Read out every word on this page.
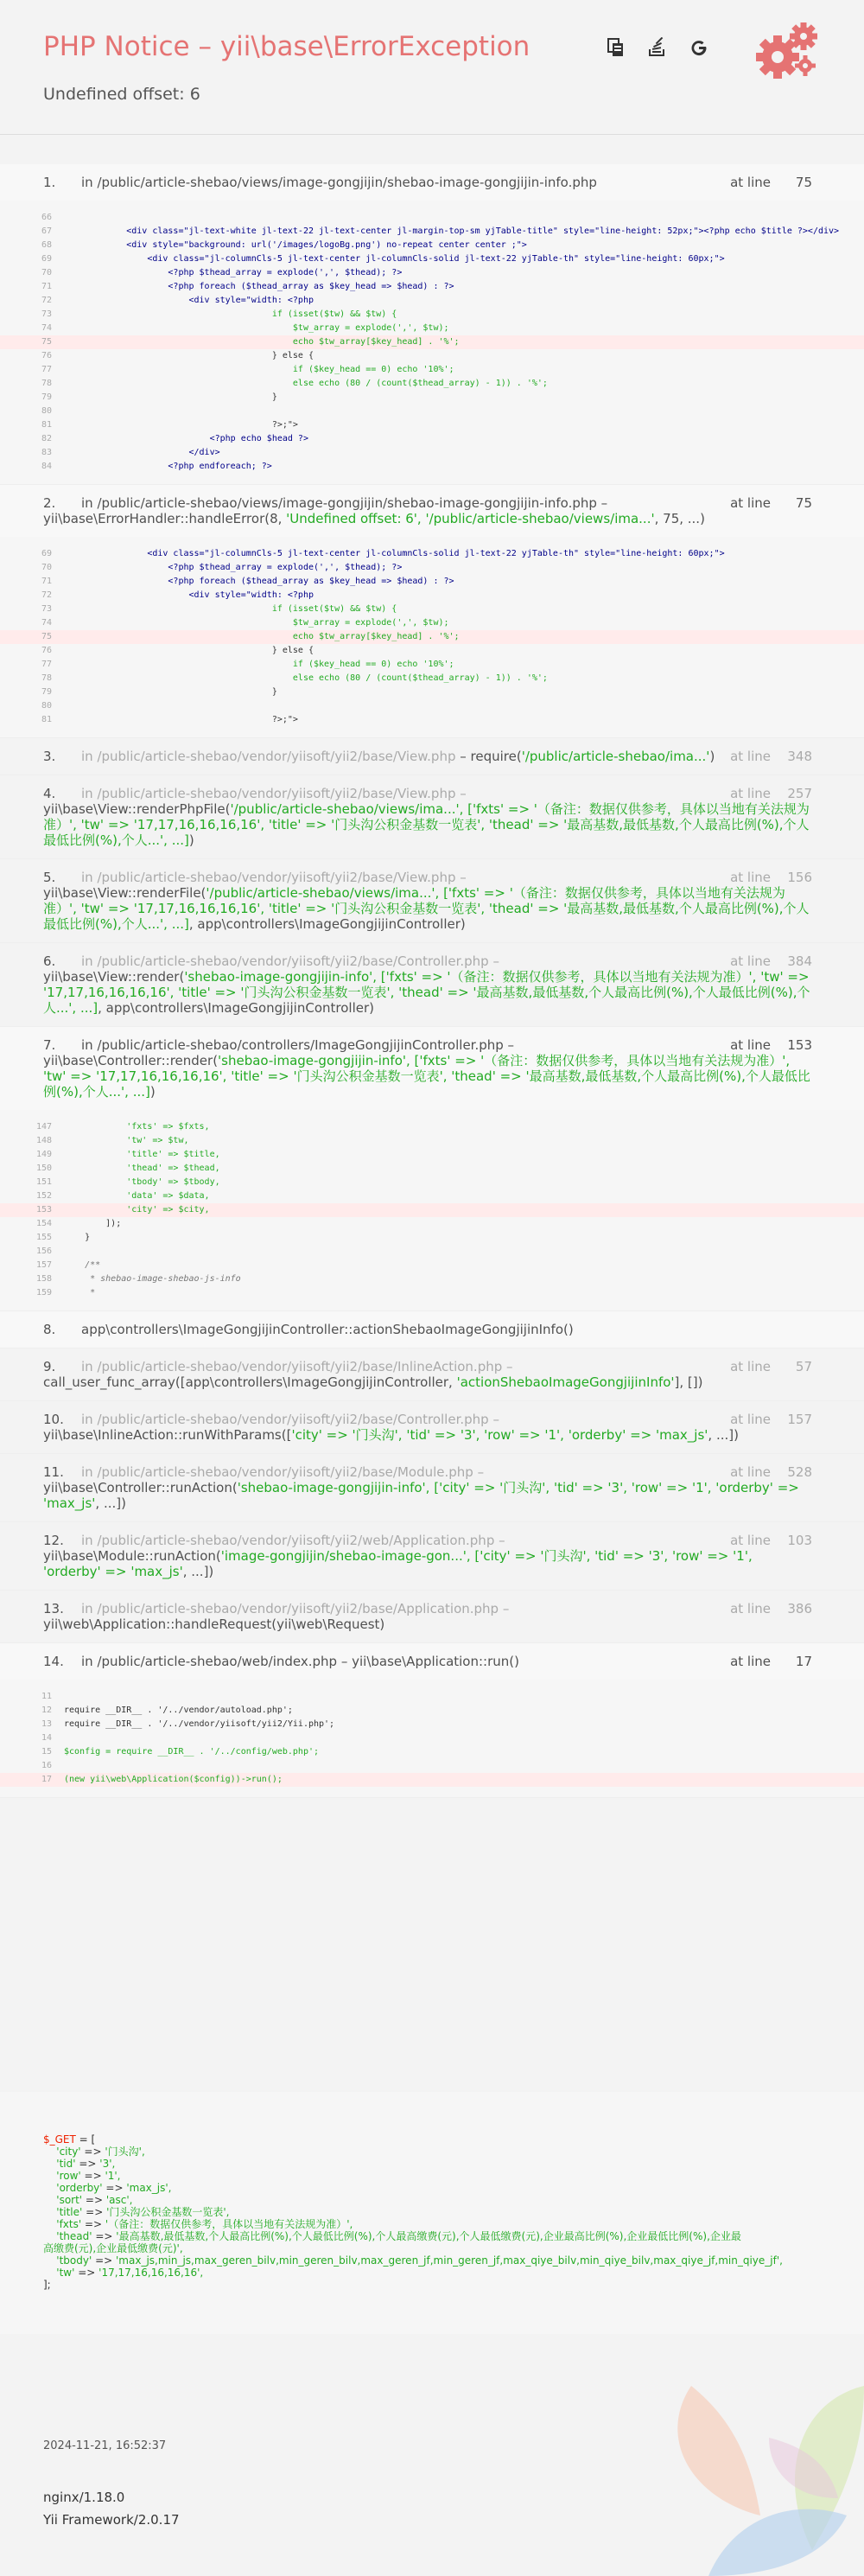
PHP Notice – yii\base\ErrorException
Undefined offset: 6
1. in /public/article-shebao/views/image-gongjijin/shebao-image-gongjijin-info.php	at line	75
66
67            <div class="jl-text-white jl-text-22 jl-text-center jl-margin-top-sm yjTable-title" style="line-height: 52px;"><?php echo $title ?></div>
68            <div style="background: url('/images/logoBg.png') no-repeat center center ;">
69                <div class="jl-columnCls-5 jl-text-center jl-columnCls-solid jl-text-22 yjTable-th" style="line-height: 60px;">
70                    <?php $thead_array = explode(',', $thead); ?>
71                    <?php foreach ($thead_array as $key_head => $head) : ?>
72                        <div style="width: <?php
73                                        if (isset($tw) && $tw) {
74                                            $tw_array = explode(',', $tw);
75                                            echo $tw_array[$key_head] . '%';
76                                        } else {
77                                            if ($key_head == 0) echo '10%';
78                                            else echo (80 / (count($thead_array) - 1)) . '%';
79                                        }
80
81                                        ?>;">
82                            <?php echo $head ?>
83                        </div>
84                    <?php endforeach; ?>
2. in /public/article-shebao/views/image-gongjijin/shebao-image-gongjijin-info.php –
yii\base\ErrorHandler::handleError(8, 'Undefined offset: 6', '/public/article-shebao/views/ima...', 75, ...)
at line	75
69                <div class="jl-columnCls-5 jl-text-center jl-columnCls-solid jl-text-22 yjTable-th" style="line-height: 60px;">
70                    <?php $thead_array = explode(',', $thead); ?>
71                    <?php foreach ($thead_array as $key_head => $head) : ?>
72                        <div style="width: <?php
73                                        if (isset($tw) && $tw) {
74                                            $tw_array = explode(',', $tw);
75                                            echo $tw_array[$key_head] . '%';
76                                        } else {
77                                            if ($key_head == 0) echo '10%';
78                                            else echo (80 / (count($thead_array) - 1)) . '%';
79                                        }
80
81                                        ?>;">
3. in /public/article-shebao/vendor/yiisoft/yii2/base/View.php – require('/public/article-shebao/ima...') at line	348
4. in /public/article-shebao/vendor/yiisoft/yii2/base/View.php –
yii\base\View::renderPhpFile('/public/article-shebao/views/ima...', ['fxts' => '（备注：数据仅供参考，具体以当地有关法规为准）', 'tw' => '17,17,16,16,16,16', 'title' => '门头沟公积金基数一览表', 'thead' => '最高基数,最低基数,个人最高比例(%),个人最低比例(%),个人...', ...])
at line	257
5. in /public/article-shebao/vendor/yiisoft/yii2/base/View.php –
yii\base\View::renderFile('/public/article-shebao/views/ima...', ['fxts' => '（备注：数据仅供参考，具体以当地有关法规为准）', 'tw' => '17,17,16,16,16,16', 'title' => '门头沟公积金基数一览表', 'thead' => '最高基数,最低基数,个人最高比例(%),个人最低比例(%),个人...', ...], app\controllers\ImageGongjijinController)
at line	156
6. in /public/article-shebao/vendor/yiisoft/yii2/base/Controller.php –
yii\base\View::render('shebao-image-gongjijin-info', ['fxts' => '（备注：数据仅供参考，具体以当地有关法规为准）', 'tw' => '17,17,16,16,16,16', 'title' => '门头沟公积金基数一览表', 'thead' => '最高基数,最低基数,个人最高比例(%),个人最低比例(%),个人...', ...], app\controllers\ImageGongjijinController)
at line	384
7. in /public/article-shebao/controllers/ImageGongjijinController.php –
yii\base\Controller::render('shebao-image-gongjijin-info', ['fxts' => '（备注：数据仅供参考，具体以当地有关法规为准）', 'tw' => '17,17,16,16,16,16', 'title' => '门头沟公积金基数一览表', 'thead' => '最高基数,最低基数,个人最高比例(%),个人最低比例(%),个人...', ...])
at line	153
147            'fxts' => $fxts,
148            'tw' => $tw,
149            'title' => $title,
150            'thead' => $thead,
151            'tbody' => $tbody,
152            'data' => $data,
153            'city' => $city,
154        ]);
155    }
156
157    /**
158     * shebao-image-shebao-js-info
159     *
8. app\controllers\ImageGongjijinController::actionShebaoImageGongjijinInfo()
9. in /public/article-shebao/vendor/yiisoft/yii2/base/InlineAction.php –
call_user_func_array([app\controllers\ImageGongjijinController, 'actionShebaoImageGongjijinInfo'], [])
at line	57
10. in /public/article-shebao/vendor/yiisoft/yii2/base/Controller.php –
yii\base\InlineAction::runWithParams(['city' => '门头沟', 'tid' => '3', 'row' => '1', 'orderby' => 'max_js', ...])
at line	157
11. in /public/article-shebao/vendor/yiisoft/yii2/base/Module.php –
yii\base\Controller::runAction('shebao-image-gongjijin-info', ['city' => '门头沟', 'tid' => '3', 'row' => '1', 'orderby' => 'max_js', ...])
at line	528
12. in /public/article-shebao/vendor/yiisoft/yii2/web/Application.php –
yii\base\Module::runAction('image-gongjijin/shebao-image-gon...', ['city' => '门头沟', 'tid' => '3', 'row' => '1', 'orderby' => 'max_js', ...])
at line	103
13. in /public/article-shebao/vendor/yiisoft/yii2/base/Application.php –
yii\web\Application::handleRequest(yii\web\Request)
at line	386
14. in /public/article-shebao/web/index.php – yii\base\Application::run()	at line	17
11
12 require __DIR__ . '/../vendor/autoload.php';
13 require __DIR__ . '/../vendor/yiisoft/yii2/Yii.php';
14
15 $config = require __DIR__ . '/../config/web.php';
16
17 (new yii\web\Application($config))->run();
$_GET = [
'city' => '门头沟',
'tid' => '3',
'row' => '1',
'orderby' => 'max_js',
'sort' => 'asc',
'title' => '门头沟公积金基数一览表',
'fxts' => '（备注：数据仅供参考，具体以当地有关法规为准）',
'thead' => '最高基数,最低基数,个人最高比例(%),个人最低比例(%),个人最高缴费(元),个人最低缴费(元),企业最高比例(%),企业最低比例(%),企业最
高缴费(元),企业最低缴费(元)',
'tbody' => 'max_js,min_js,max_geren_bilv,min_geren_bilv,max_geren_jf,min_geren_jf,max_qiye_bilv,min_qiye_bilv,max_qiye_jf,min_qiye_jf',
'tw' => '17,17,16,16,16,16',
];
2024-11-21, 16:52:37
nginx/1.18.0
Yii Framework/2.0.17
